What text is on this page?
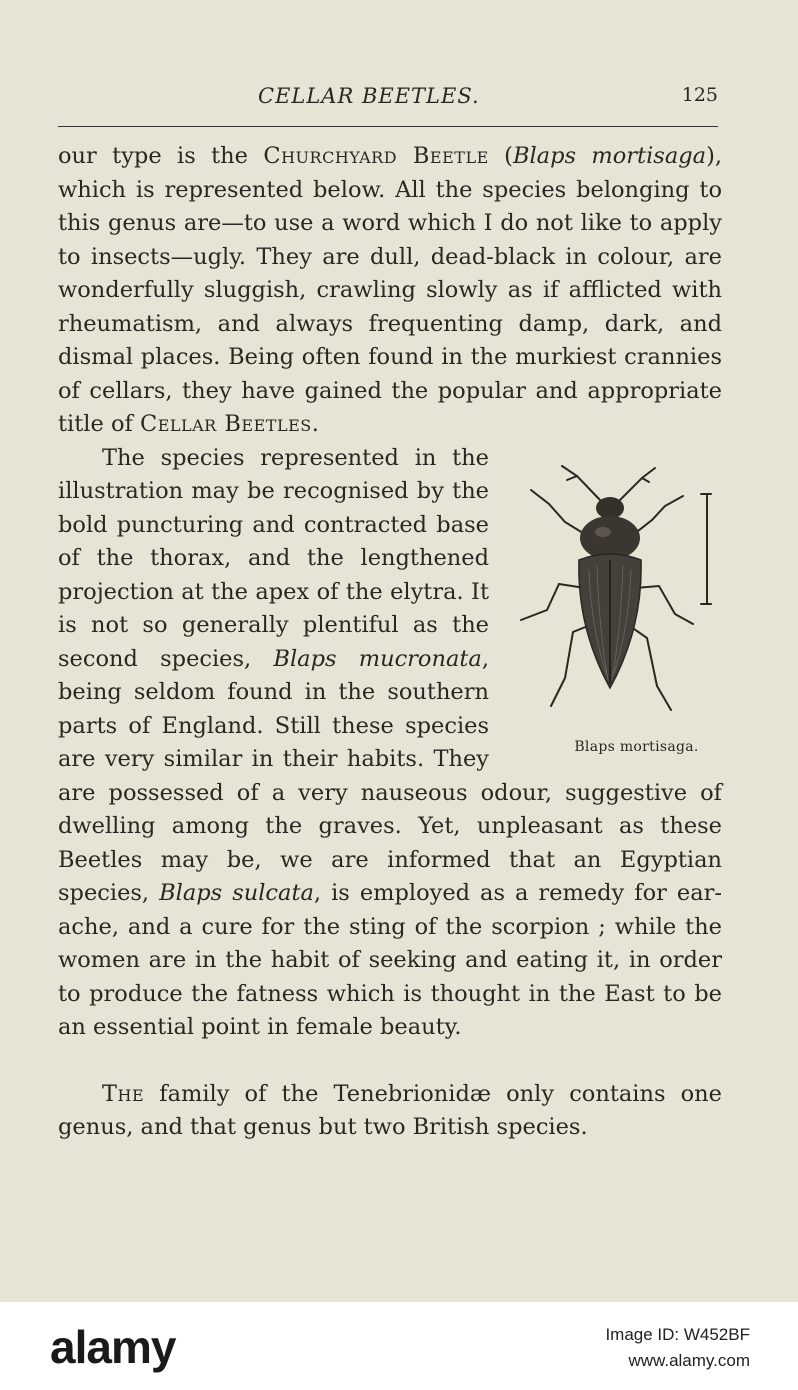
CELLAR BEETLES.	125

our type is the Churchyard Beetle (Blaps mortisaga), which is represented below. All the species belonging to this genus are—to use a word which I do not like to apply to insects—ugly. They are dull, dead-black in colour, are wonderfully sluggish, crawling slowly as if afflicted with rheumatism, and always frequenting damp, dark, and dismal places. Being often found in the murkiest crannies of cellars, they have gained the popular and appropriate title of Cellar Beetles.

Blaps mortisaga.
The species represented in the illustration may be recognised by the bold puncturing and contracted base of the thorax, and the lengthened projection at the apex of the elytra. It is not so generally plentiful as the second species, Blaps mucronata, being seldom found in the southern parts of England. Still these species are very similar in their habits. They are possessed of a very nauseous odour, suggestive of dwelling among the graves. Yet, unpleasant as these Beetles may be, we are informed that an Egyptian species, Blaps sulcata, is employed as a remedy for ear-ache, and a cure for the sting of the scorpion ; while the women are in the habit of seeking and eating it, in order to produce the fatness which is thought in the East to be an essential point in female beauty.

The family of the Tenebrionidæ only contains one genus, and that genus but two British species.

alamy	Image ID: W452BF
www.alamy.com
